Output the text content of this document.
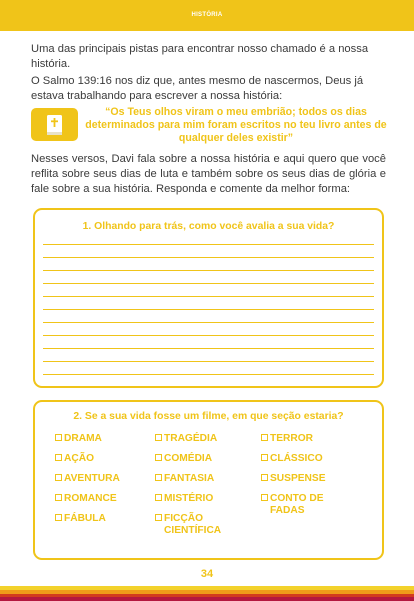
HISTÓRIA

Uma das principais pistas para encontrar nosso chamado é a nossa história.

O Salmo 139:16 nos diz que, antes mesmo de nascermos, Deus já estava trabalhando para escrever a nossa história:

“Os Teus olhos viram o meu embrião; todos os dias determinados para mim foram escritos no teu livro antes de qualquer deles existir”

Nesses versos, Davi fala sobre a nossa história e aqui quero que você reflita sobre seus dias de luta e também sobre os seus dias de glória e fale sobre a sua história. Responda e comente da melhor forma:

1. Olhando para trás, como você avalia a sua vida?
2. Se a sua vida fosse um filme, em que seção estaria?
DRAMA	TRAGÉDIA	TERROR
AÇÃO	COMÉDIA	CLÁSSICO
AVENTURA	FANTASIA	SUSPENSE
ROMANCE	MISTÉRIO	CONTO DE
FADAS
FÁBULA	FICÇÃO
CIENTÍFICA
34
